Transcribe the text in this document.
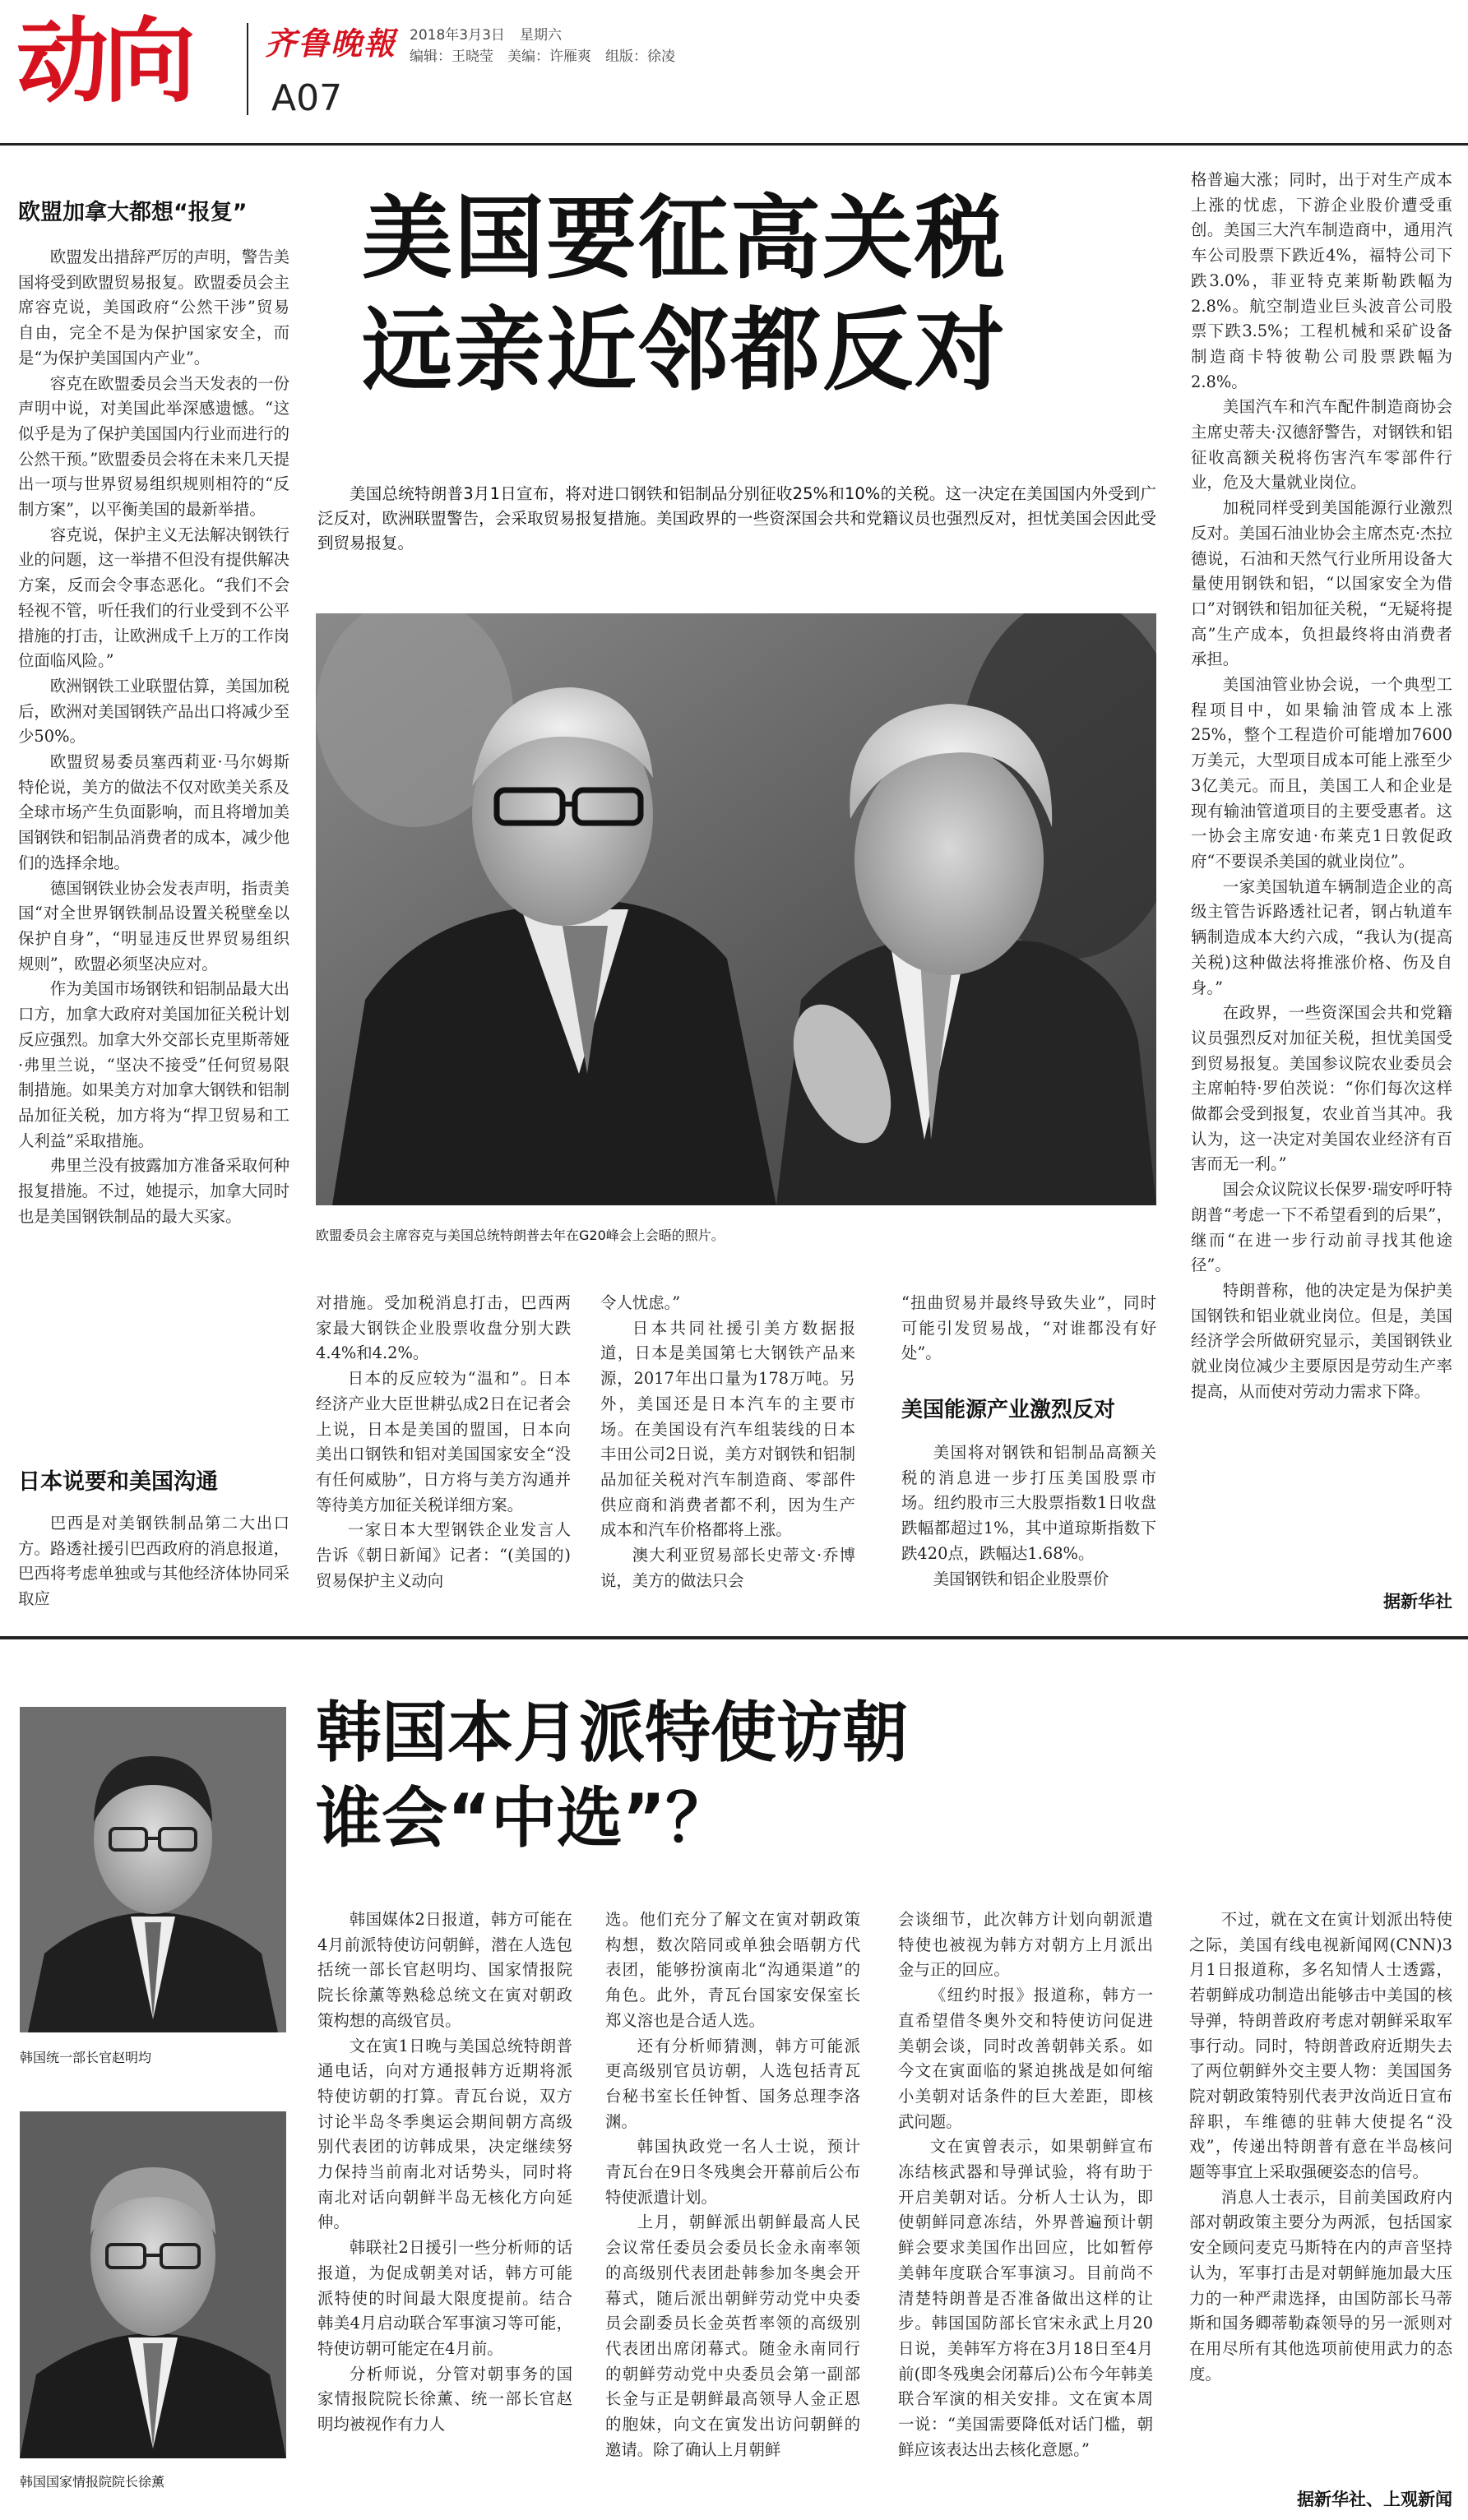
动向 齐鲁晚報
A07
2018年3月3日 星期六
编辑：王晓莹　美编：许雁爽　组版：徐凌
美国要征高关税
远亲近邻都反对
美国总统特朗普3月1日宣布，将对进口钢铁和铝制品分别征收25%和10%的关税。这一决定在美国国内外受到广泛反对，欧洲联盟警告，会采取贸易报复措施。美国政界的一些资深国会共和党籍议员也强烈反对，担忧美国会因此受到贸易报复。
欧盟委员会主席容克与美国总统特朗普去年在G20峰会上会晤的照片。
欧盟加拿大都想“报复”

欧盟发出措辞严厉的声明，警告美国将受到欧盟贸易报复。欧盟委员会主席容克说，美国政府“公然干涉”贸易自由，完全不是为保护国家安全，而是“为保护美国国内产业”。

容克在欧盟委员会当天发表的一份声明中说，对美国此举深感遗憾。“这似乎是为了保护美国国内行业而进行的公然干预。”欧盟委员会将在未来几天提出一项与世界贸易组织规则相符的“反制方案”，以平衡美国的最新举措。

容克说，保护主义无法解决钢铁行业的问题，这一举措不但没有提供解决方案，反而会令事态恶化。“我们不会轻视不管，听任我们的行业受到不公平措施的打击，让欧洲成千上万的工作岗位面临风险。”

欧洲钢铁工业联盟估算，美国加税后，欧洲对美国钢铁产品出口将减少至少50%。

欧盟贸易委员塞西莉亚·马尔姆斯特伦说，美方的做法不仅对欧美关系及全球市场产生负面影响，而且将增加美国钢铁和铝制品消费者的成本，减少他们的选择余地。

德国钢铁业协会发表声明，指责美国“对全世界钢铁制品设置关税壁垒以保护自身”，“明显违反世界贸易组织规则”，欧盟必须坚决应对。

作为美国市场钢铁和铝制品最大出口方，加拿大政府对美国加征关税计划反应强烈。加拿大外交部长克里斯蒂娅·弗里兰说，“坚决不接受”任何贸易限制措施。如果美方对加拿大钢铁和铝制品加征关税，加方将为“捍卫贸易和工人利益”采取措施。

弗里兰没有披露加方准备采取何种报复措施。不过，她提示，加拿大同时也是美国钢铁制品的最大买家。

日本说要和美国沟通

巴西是对美钢铁制品第二大出口方。路透社援引巴西政府的消息报道，巴西将考虑单独或与其他经济体协同采取应

对措施。受加税消息打击，巴西两家最大钢铁企业股票收盘分别大跌4.4%和4.2%。

日本的反应较为“温和”。日本经济产业大臣世耕弘成2日在记者会上说，日本是美国的盟国，日本向美出口钢铁和铝对美国国家安全“没有任何威胁”，日方将与美方沟通并等待美方加征关税详细方案。

一家日本大型钢铁企业发言人告诉《朝日新闻》记者：“(美国的)贸易保护主义动向

令人忧虑。”

日本共同社援引美方数据报道，日本是美国第七大钢铁产品来源，2017年出口量为178万吨。另外，美国还是日本汽车的主要市场。在美国设有汽车组装线的日本丰田公司2日说，美方对钢铁和铝制品加征关税对汽车制造商、零部件供应商和消费者都不利，因为生产成本和汽车价格都将上涨。

澳大利亚贸易部长史蒂文·乔博说，美方的做法只会

“扭曲贸易并最终导致失业”，同时可能引发贸易战，“对谁都没有好处”。

美国能源产业激烈反对

美国将对钢铁和铝制品高额关税的消息进一步打压美国股票市场。纽约股市三大股票指数1日收盘跌幅都超过1%，其中道琼斯指数下跌420点，跌幅达1.68%。

美国钢铁和铝企业股票价

格普遍大涨；同时，出于对生产成本上涨的忧虑，下游企业股价遭受重创。美国三大汽车制造商中，通用汽车公司股票下跌近4%，福特公司下跌3.0%，菲亚特克莱斯勒跌幅为2.8%。航空制造业巨头波音公司股票下跌3.5%；工程机械和采矿设备制造商卡特彼勒公司股票跌幅为2.8%。

美国汽车和汽车配件制造商协会主席史蒂夫·汉德舒警告，对钢铁和铝征收高额关税将伤害汽车零部件行业，危及大量就业岗位。

加税同样受到美国能源行业激烈反对。美国石油业协会主席杰克·杰拉德说，石油和天然气行业所用设备大量使用钢铁和铝，“以国家安全为借口”对钢铁和铝加征关税，“无疑将提高”生产成本，负担最终将由消费者承担。

美国油管业协会说，一个典型工程项目中，如果输油管成本上涨25%，整个工程造价可能增加7600万美元，大型项目成本可能上涨至少3亿美元。而且，美国工人和企业是现有输油管道项目的主要受惠者。这一协会主席安迪·布莱克1日敦促政府“不要误杀美国的就业岗位”。

一家美国轨道车辆制造企业的高级主管告诉路透社记者，钢占轨道车辆制造成本大约六成，“我认为(提高关税)这种做法将推涨价格、伤及自身。”

在政界，一些资深国会共和党籍议员强烈反对加征关税，担忧美国受到贸易报复。美国参议院农业委员会主席帕特·罗伯茨说：“你们每次这样做都会受到报复，农业首当其冲。我认为，这一决定对美国农业经济有百害而无一利。”

国会众议院议长保罗·瑞安呼吁特朗普“考虑一下不希望看到的后果”，继而“在进一步行动前寻找其他途径”。

特朗普称，他的决定是为保护美国钢铁和铝业就业岗位。但是，美国经济学会所做研究显示，美国钢铁业就业岗位减少主要原因是劳动生产率提高，从而使对劳动力需求下降。

据新华社
韩国本月派特使访朝
谁会“中选”？
韩国统一部长官赵明均
韩国国家情报院院长徐薰

韩国媒体2日报道，韩方可能在4月前派特使访问朝鲜，潜在人选包括统一部长官赵明均、国家情报院院长徐薰等熟稔总统文在寅对朝政策构想的高级官员。

文在寅1日晚与美国总统特朗普通电话，向对方通报韩方近期将派特使访朝的打算。青瓦台说，双方讨论半岛冬季奥运会期间朝方高级别代表团的访韩成果，决定继续努力保持当前南北对话势头，同时将南北对话向朝鲜半岛无核化方向延伸。

韩联社2日援引一些分析师的话报道，为促成朝美对话，韩方可能派特使的时间最大限度提前。结合韩美4月启动联合军事演习等可能，特使访朝可能定在4月前。

分析师说，分管对朝事务的国家情报院院长徐薰、统一部长官赵明均被视作有力人

选。他们充分了解文在寅对朝政策构想，数次陪同或单独会晤朝方代表团，能够扮演南北“沟通渠道”的角色。此外，青瓦台国家安保室长郑义溶也是合适人选。

还有分析师猜测，韩方可能派更高级别官员访朝，人选包括青瓦台秘书室长任钟皙、国务总理李洛渊。

韩国执政党一名人士说，预计青瓦台在9日冬残奥会开幕前后公布特使派遣计划。

上月，朝鲜派出朝鲜最高人民会议常任委员会委员长金永南率领的高级别代表团赴韩参加冬奥会开幕式，随后派出朝鲜劳动党中央委员会副委员长金英哲率领的高级别代表团出席闭幕式。随金永南同行的朝鲜劳动党中央委员会第一副部长金与正是朝鲜最高领导人金正恩的胞妹，向文在寅发出访问朝鲜的邀请。除了确认上月朝鲜

会谈细节，此次韩方计划向朝派遣特使也被视为韩方对朝方上月派出金与正的回应。

《纽约时报》报道称，韩方一直希望借冬奥外交和特使访问促进美朝会谈，同时改善朝韩关系。如今文在寅面临的紧迫挑战是如何缩小美朝对话条件的巨大差距，即核武问题。

文在寅曾表示，如果朝鲜宣布冻结核武器和导弹试验，将有助于开启美朝对话。分析人士认为，即使朝鲜同意冻结，外界普遍预计朝鲜会要求美国作出回应，比如暂停美韩年度联合军事演习。目前尚不清楚特朗普是否准备做出这样的让步。韩国国防部长官宋永武上月20日说，美韩军方将在3月18日至4月前(即冬残奥会闭幕后)公布今年韩美联合军演的相关安排。文在寅本周一说：“美国需要降低对话门槛，朝鲜应该表达出去核化意愿。”

不过，就在文在寅计划派出特使之际，美国有线电视新闻网(CNN)3月1日报道称，多名知情人士透露，若朝鲜成功制造出能够击中美国的核导弹，特朗普政府考虑对朝鲜采取军事行动。同时，特朗普政府近期失去了两位朝鲜外交主要人物：美国国务院对朝政策特别代表尹汝尚近日宣布辞职，车维德的驻韩大使提名“没戏”，传递出特朗普有意在半岛核问题等事宜上采取强硬姿态的信号。

消息人士表示，目前美国政府内部对朝政策主要分为两派，包括国家安全顾问麦克马斯特在内的声音坚持认为，军事打击是对朝鲜施加最大压力的一种严肃选择，由国防部长马蒂斯和国务卿蒂勒森领导的另一派则对在用尽所有其他选项前使用武力的态度。

据新华社、上观新闻
